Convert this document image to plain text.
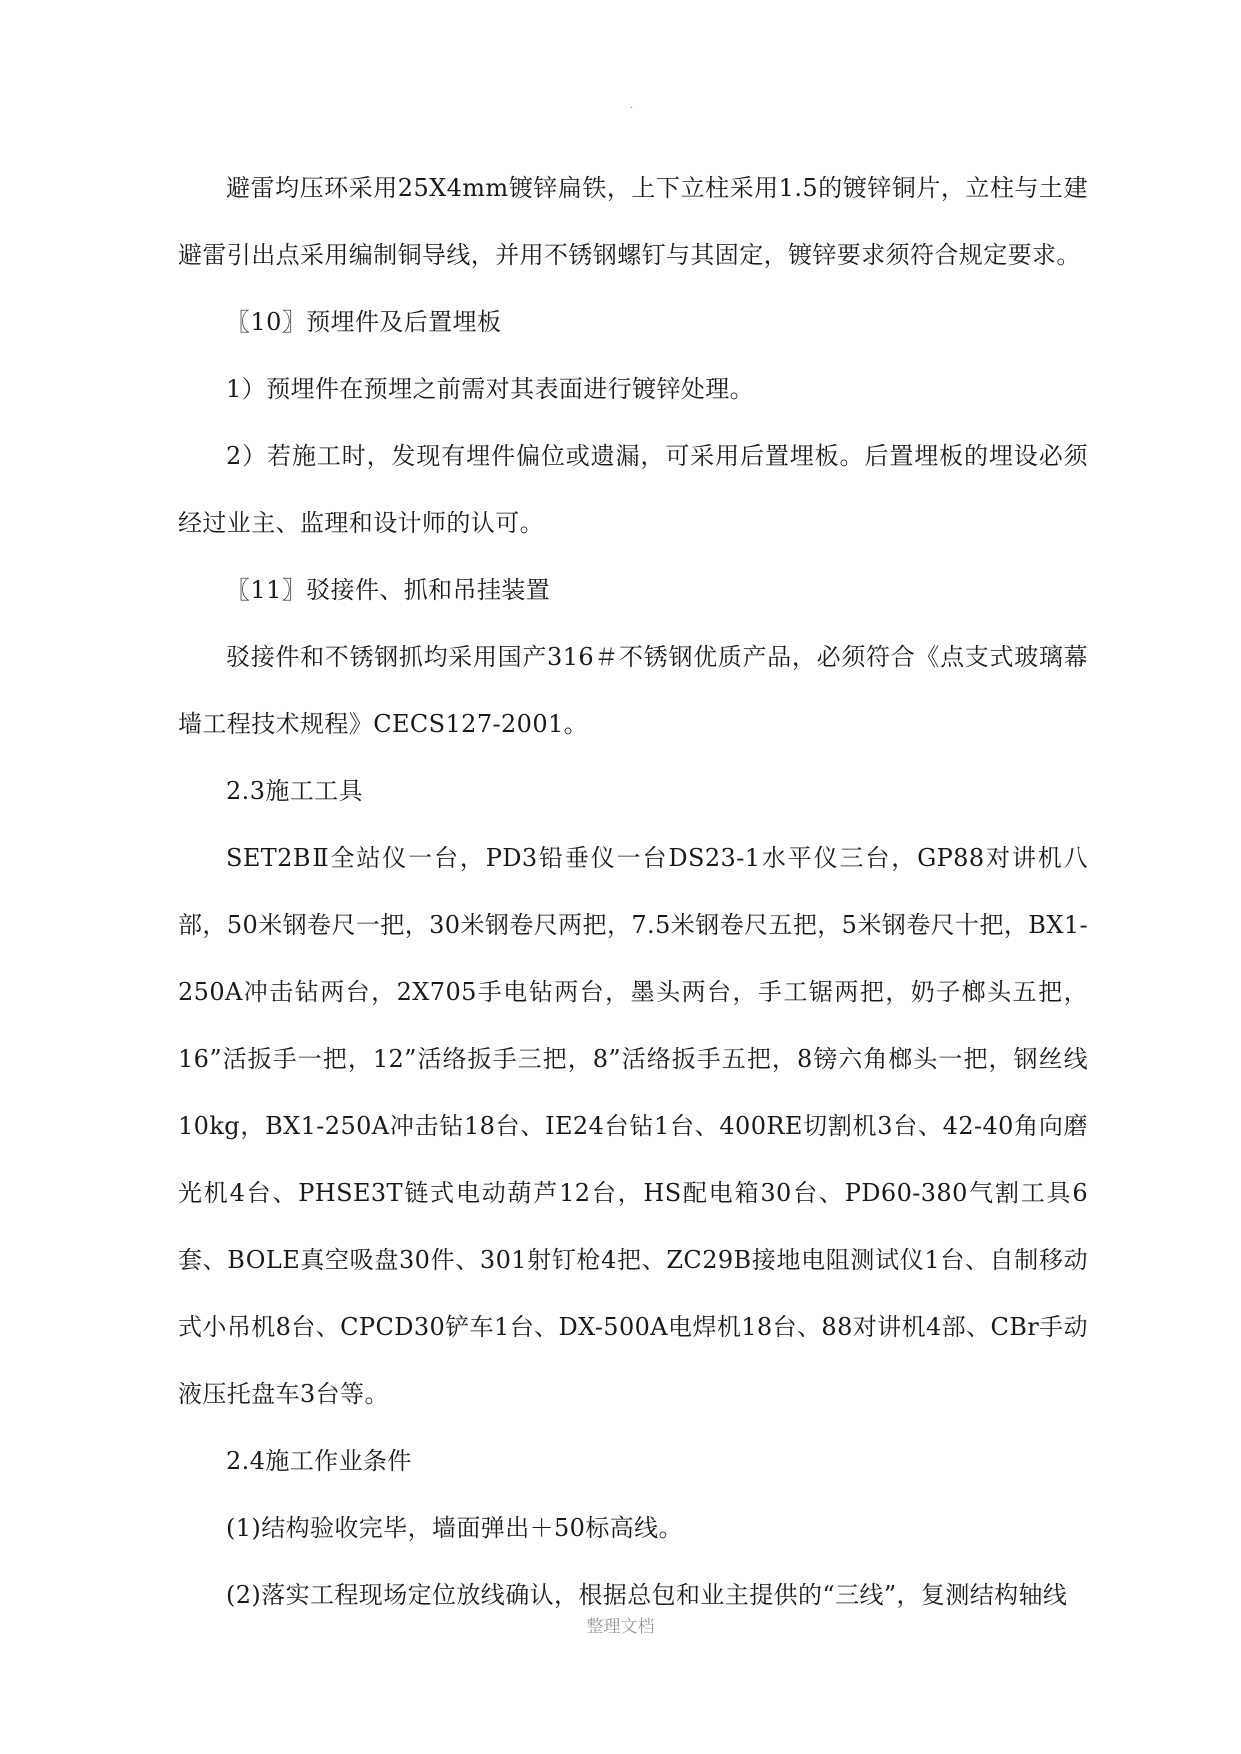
.

避雷均压环采用25X4mm镀锌扁铁，上下立柱采用1.5的镀锌铜片，立柱与土建避雷引出点采用编制铜导线，并用不锈钢螺钉与其固定，镀锌要求须符合规定要求。

〖10〗预埋件及后置埋板

1）预埋件在预埋之前需对其表面进行镀锌处理。

2）若施工时，发现有埋件偏位或遗漏，可采用后置埋板。后置埋板的埋设必须经过业主、监理和设计师的认可。

〖11〗驳接件、抓和吊挂装置

驳接件和不锈钢抓均采用国产316＃不锈钢优质产品，必须符合《点支式玻璃幕墙工程技术规程》CECS127-2001。

2.3施工工具

SET2BⅡ全站仪一台，PD3铅垂仪一台DS23-1水平仪三台，GP88对讲机八部，50米钢卷尺一把，30米钢卷尺两把，7.5米钢卷尺五把，5米钢卷尺十把，BX1-250A冲击钻两台，2X705手电钻两台，墨头两台，手工锯两把，奶子榔头五把，16”活扳手一把，12”活络扳手三把，8”活络扳手五把，8镑六角榔头一把，钢丝线10kg，BX1-250A冲击钻18台、IE24台钻1台、400RE切割机3台、42-40角向磨光机4台、PHSE3T链式电动葫芦12台，HS配电箱30台、PD60-380气割工具6套、BOLE真空吸盘30件、301射钉枪4把、ZC29B接地电阻测试仪1台、自制移动式小吊机8台、CPCD30铲车1台、DX-500A电焊机18台、88对讲机4部、CBr手动液压托盘车3台等。

2.4施工作业条件

(1)结构验收完毕，墙面弹出＋50标高线。

(2)落实工程现场定位放线确认，根据总包和业主提供的“三线”，复测结构轴线

整理文档
